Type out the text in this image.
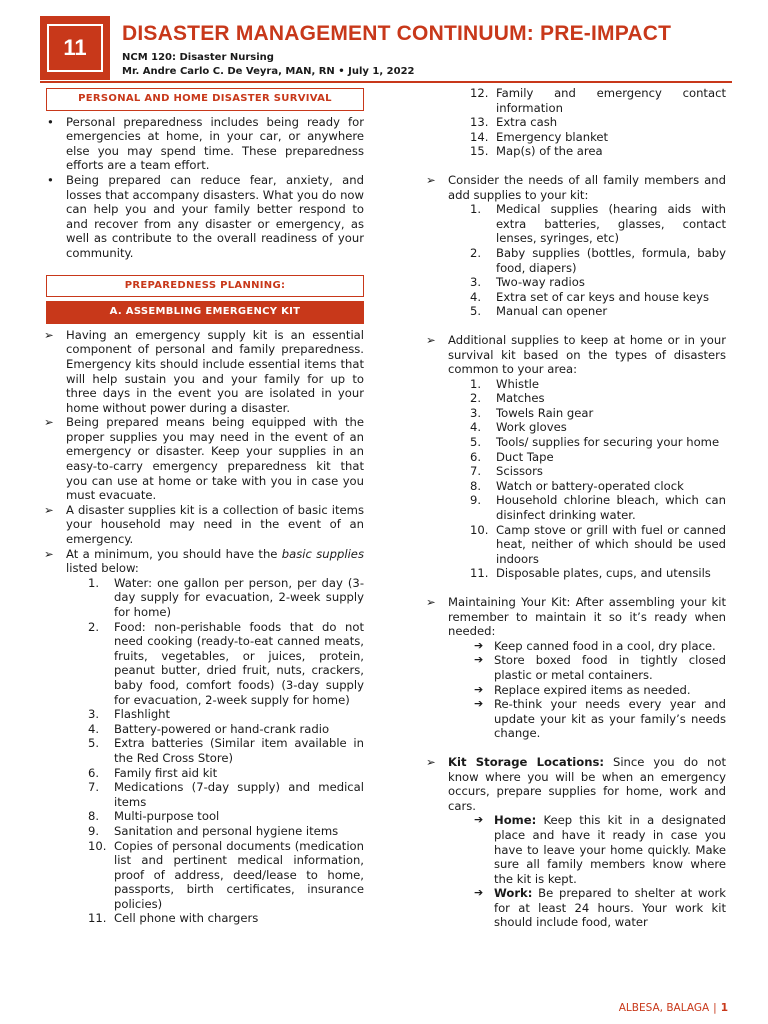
11
DISASTER MANAGEMENT CONTINUUM: PRE-IMPACT
NCM 120: Disaster Nursing
Mr. Andre Carlo C. De Veyra, MAN, RN • July 1, 2022
PERSONAL AND HOME DISASTER SURVIVAL
• Personal preparedness includes being ready for emergencies at home, in your car, or anywhere else you may spend time. These preparedness efforts are a team effort.
• Being prepared can reduce fear, anxiety, and losses that accompany disasters. What you do now can help you and your family better respond to and recover from any disaster or emergency, as well as contribute to the overall readiness of your community.
PREPAREDNESS PLANNING:
A. ASSEMBLING EMERGENCY KIT
➢ Having an emergency supply kit is an essential component of personal and family preparedness. Emergency kits should include essential items that will help sustain you and your family for up to three days in the event you are isolated in your home without power during a disaster.
➢ Being prepared means being equipped with the proper supplies you may need in the event of an emergency or disaster. Keep your supplies in an easy-to-carry emergency preparedness kit that you can use at home or take with you in case you must evacuate.
➢ A disaster supplies kit is a collection of basic items your household may need in the event of an emergency.
➢ At a minimum, you should have the basic supplies listed below:
1.	Water: one gallon per person, per day (3-day supply for evacuation, 2-week supply for home)
2.	Food: non-perishable foods that do not need cooking (ready-to-eat canned meats, fruits, vegetables, or juices, protein, peanut butter, dried fruit, nuts, crackers, baby food, comfort foods) (3-day supply for evacuation, 2-week supply for home)
3.	Flashlight
4.	Battery-powered or hand-crank radio
5.	Extra batteries (Similar item available in the Red Cross Store)
6.	Family first aid kit
7.	Medications (7-day supply) and medical items
8.	Multi-purpose tool
9.	Sanitation and personal hygiene items
10. Copies of personal documents (medication list and pertinent medical information, proof of address, deed/lease to home, passports, birth certificates, insurance policies)
11. Cell phone with chargers
12. Family and emergency contact information
13. Extra cash
14. Emergency blanket
15. Map(s) of the area
➢ Consider the needs of all family members and add supplies to your kit:
1.	Medical supplies (hearing aids with extra batteries, glasses, contact lenses, syringes, etc)
2.	Baby supplies (bottles, formula, baby food, diapers)
3.	Two-way radios
4.	Extra set of car keys and house keys
5.	Manual can opener
➢ Additional supplies to keep at home or in your survival kit based on the types of disasters common to your area:
1.	Whistle
2.	Matches
3.	Towels Rain gear
4.	Work gloves
5.	Tools/ supplies for securing your home
6.	Duct Tape
7.	Scissors
8.	Watch or battery-operated clock
9.	Household chlorine bleach, which can disinfect drinking water.
10. Camp stove or grill with fuel or canned heat, neither of which should be used indoors
11. Disposable plates, cups, and utensils
➢ Maintaining Your Kit: After assembling your kit remember to maintain it so it’s ready when needed:
➔ Keep canned food in a cool, dry place.
➔ Store boxed food in tightly closed plastic or metal containers.
➔ Replace expired items as needed.
➔ Re-think your needs every year and update your kit as your family’s needs change.
➢ Kit Storage Locations: Since you do not know where you will be when an emergency occurs, prepare supplies for home, work and cars.
➔ Home: Keep this kit in a designated place and have it ready in case you have to leave your home quickly. Make sure all family members know where the kit is kept.
➔ Work: Be prepared to shelter at work for at least 24 hours. Your work kit should include food, water
ALBESA, BALAGA | 1
